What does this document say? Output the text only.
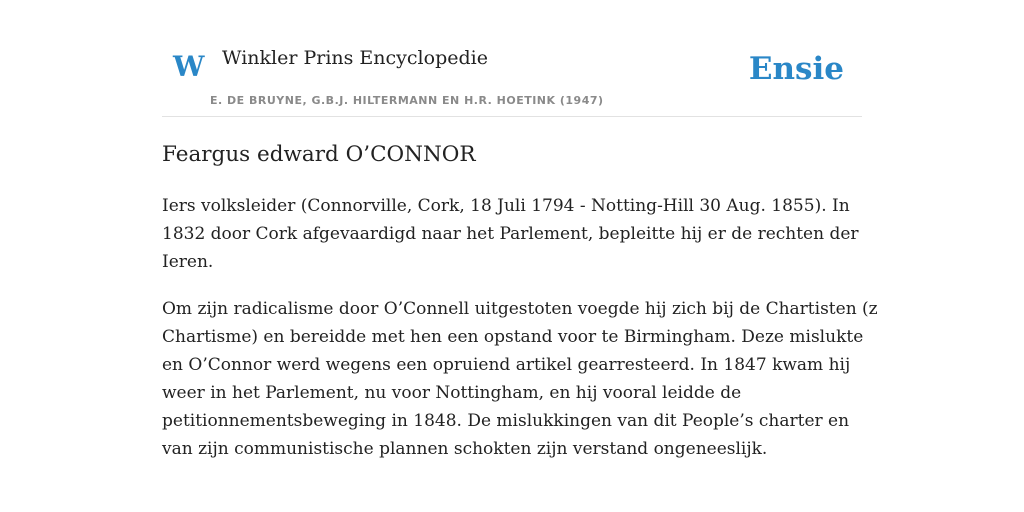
W Winkler Prins Encyclopedie
E. DE BRUYNE, G.B.J. HILTERMANN EN H.R. HOETINK (1947)
Ensie
Feargus edward O’CONNOR

Iers volksleider (Connorville, Cork, 18 Juli 1794 - Notting-Hill 30 Aug. 1855). In
1832 door Cork afgevaardigd naar het Parlement, bepleitte hij er de rechten der
Ieren.

Om zijn radicalisme door O’Connell uitgestoten voegde hij zich bij de Chartisten (z
Chartisme) en bereidde met hen een opstand voor te Birmingham. Deze mislukte
en O’Connor werd wegens een opruiend artikel gearresteerd. In 1847 kwam hij
weer in het Parlement, nu voor Nottingham, en hij vooral leidde de
petitionnementsbeweging in 1848. De mislukkingen van dit People’s charter en
van zijn communistische plannen schokten zijn verstand ongeneeslijk.
